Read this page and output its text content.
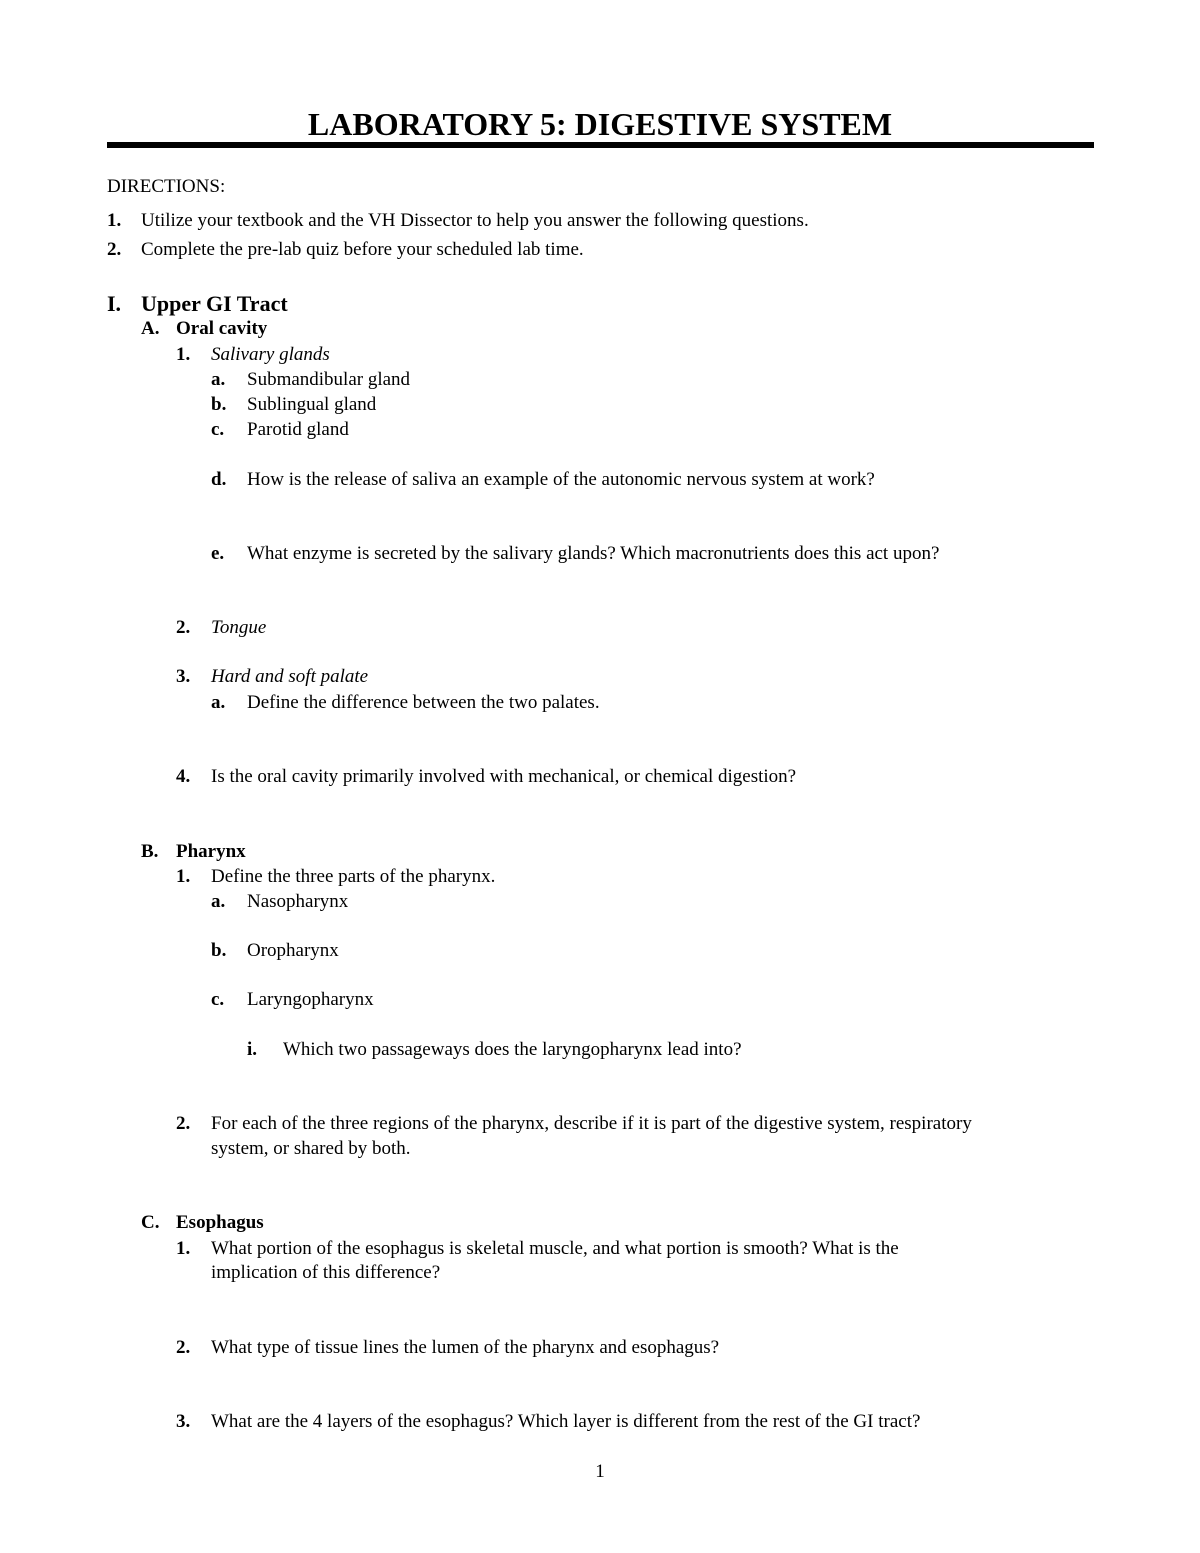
LABORATORY 5: DIGESTIVE SYSTEM
DIRECTIONS:
1. Utilize your textbook and the VH Dissector to help you answer the following questions.
2. Complete the pre-lab quiz before your scheduled lab time.
I. Upper GI Tract
A. Oral cavity
1. Salivary glands
a. Submandibular gland
b. Sublingual gland
c. Parotid gland
d. How is the release of saliva an example of the autonomic nervous system at work?
e. What enzyme is secreted by the salivary glands? Which macronutrients does this act upon?
2. Tongue
3. Hard and soft palate
a. Define the difference between the two palates.
4. Is the oral cavity primarily involved with mechanical, or chemical digestion?
B. Pharynx
1. Define the three parts of the pharynx.
a. Nasopharynx
b. Oropharynx
c. Laryngopharynx
i. Which two passageways does the laryngopharynx lead into?
2. For each of the three regions of the pharynx, describe if it is part of the digestive system, respiratory
system, or shared by both.
C. Esophagus
1. What portion of the esophagus is skeletal muscle, and what portion is smooth? What is the
implication of this difference?
2. What type of tissue lines the lumen of the pharynx and esophagus?
3. What are the 4 layers of the esophagus? Which layer is different from the rest of the GI tract?
1
